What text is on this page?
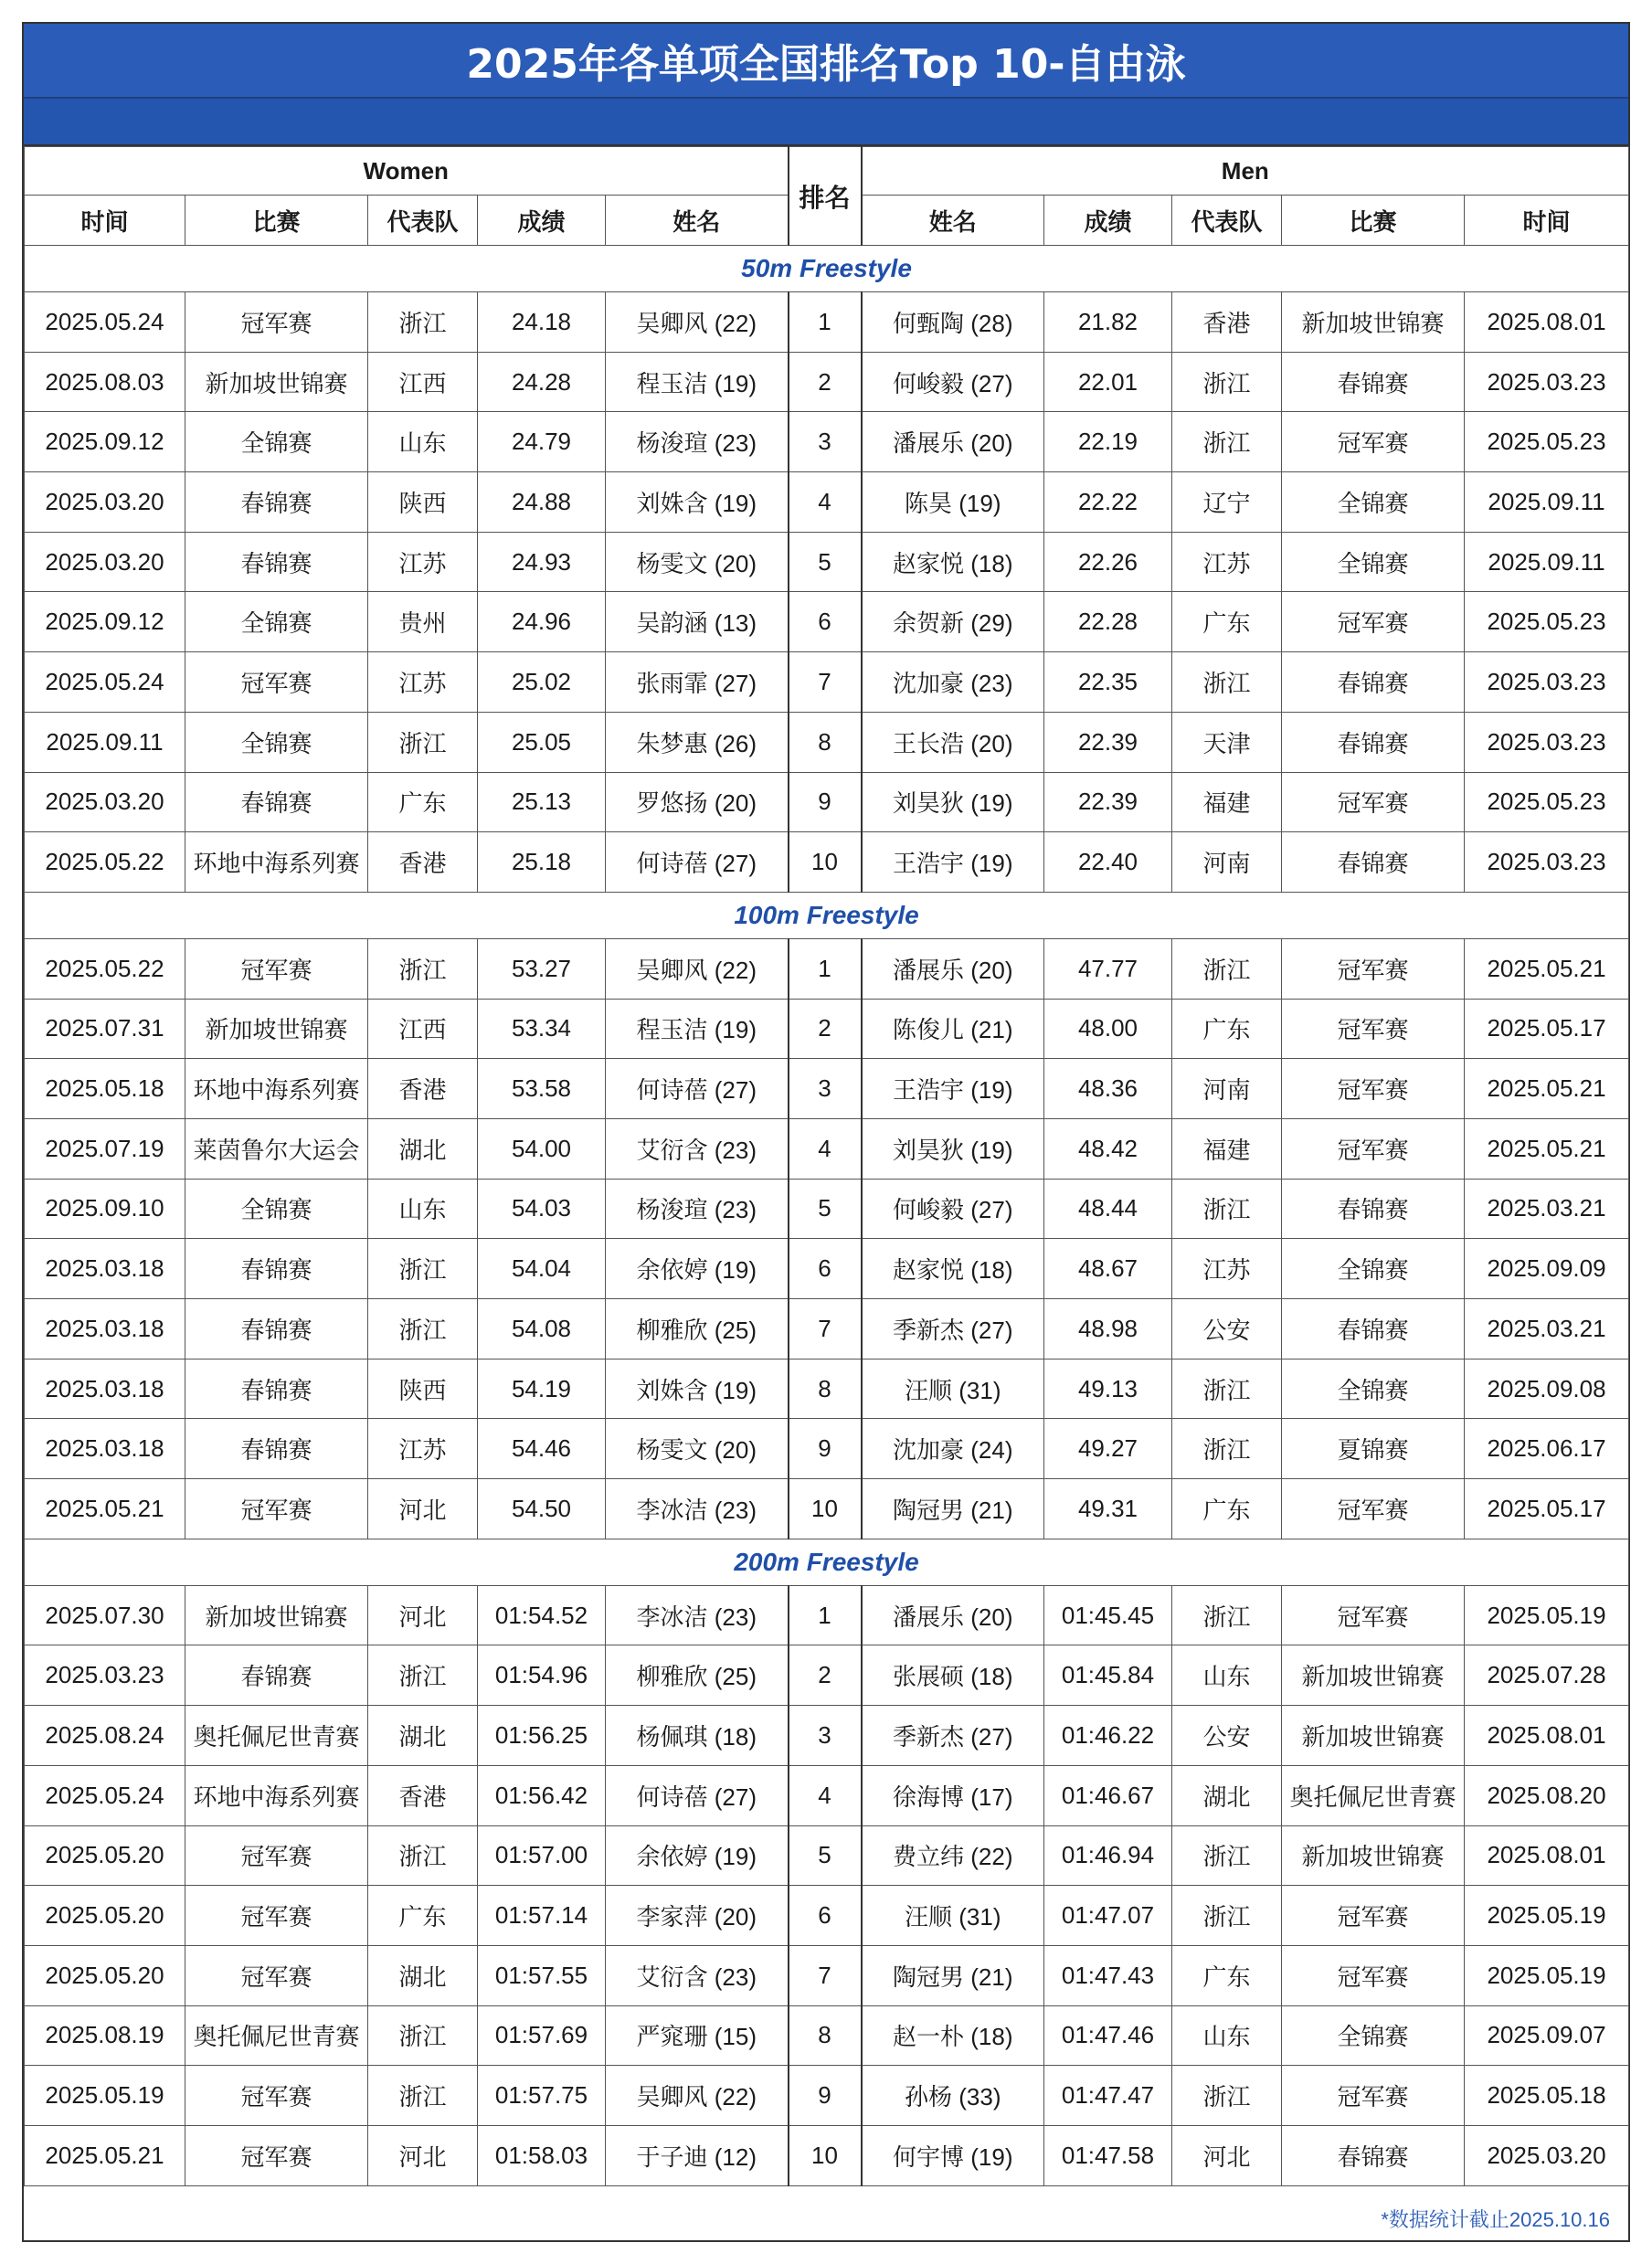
2025年各单项全国排名Top 10-自由泳
Women					排名	Men				
时间	比赛	代表队	成绩	姓名		姓名	成绩	代表队	比赛	时间
50m Freestyle										
2025.05.24	冠军赛	浙江	24.18	吴卿风 (22)	1	何甄陶 (28)	21.82	香港	新加坡世锦赛	2025.08.01
2025.08.03	新加坡世锦赛	江西	24.28	程玉洁 (19)	2	何峻毅 (27)	22.01	浙江	春锦赛	2025.03.23
2025.09.12	全锦赛	山东	24.79	杨浚瑄 (23)	3	潘展乐 (20)	22.19	浙江	冠军赛	2025.05.23
2025.03.20	春锦赛	陕西	24.88	刘姝含 (19)	4	陈昊 (19)	22.22	辽宁	全锦赛	2025.09.11
2025.03.20	春锦赛	江苏	24.93	杨雯文 (20)	5	赵家悦 (18)	22.26	江苏	全锦赛	2025.09.11
2025.09.12	全锦赛	贵州	24.96	吴韵涵 (13)	6	余贺新 (29)	22.28	广东	冠军赛	2025.05.23
2025.05.24	冠军赛	江苏	25.02	张雨霏 (27)	7	沈加豪 (23)	22.35	浙江	春锦赛	2025.03.23
2025.09.11	全锦赛	浙江	25.05	朱梦惠 (26)	8	王长浩 (20)	22.39	天津	春锦赛	2025.03.23
2025.03.20	春锦赛	广东	25.13	罗悠扬 (20)	9	刘昊狄 (19)	22.39	福建	冠军赛	2025.05.23
2025.05.22	环地中海系列赛	香港	25.18	何诗蓓 (27)	10	王浩宇 (19)	22.40	河南	春锦赛	2025.03.23
100m Freestyle										
2025.05.22	冠军赛	浙江	53.27	吴卿风 (22)	1	潘展乐 (20)	47.77	浙江	冠军赛	2025.05.21
2025.07.31	新加坡世锦赛	江西	53.34	程玉洁 (19)	2	陈俊儿 (21)	48.00	广东	冠军赛	2025.05.17
2025.05.18	环地中海系列赛	香港	53.58	何诗蓓 (27)	3	王浩宇 (19)	48.36	河南	冠军赛	2025.05.21
2025.07.19	莱茵鲁尔大运会	湖北	54.00	艾衍含 (23)	4	刘昊狄 (19)	48.42	福建	冠军赛	2025.05.21
2025.09.10	全锦赛	山东	54.03	杨浚瑄 (23)	5	何峻毅 (27)	48.44	浙江	春锦赛	2025.03.21
2025.03.18	春锦赛	浙江	54.04	余依婷 (19)	6	赵家悦 (18)	48.67	江苏	全锦赛	2025.09.09
2025.03.18	春锦赛	浙江	54.08	柳雅欣 (25)	7	季新杰 (27)	48.98	公安	春锦赛	2025.03.21
2025.03.18	春锦赛	陕西	54.19	刘姝含 (19)	8	汪顺 (31)	49.13	浙江	全锦赛	2025.09.08
2025.03.18	春锦赛	江苏	54.46	杨雯文 (20)	9	沈加豪 (24)	49.27	浙江	夏锦赛	2025.06.17
2025.05.21	冠军赛	河北	54.50	李冰洁 (23)	10	陶冠男 (21)	49.31	广东	冠军赛	2025.05.17
200m Freestyle										
2025.07.30	新加坡世锦赛	河北	01:54.52	李冰洁 (23)	1	潘展乐 (20)	01:45.45	浙江	冠军赛	2025.05.19
2025.03.23	春锦赛	浙江	01:54.96	柳雅欣 (25)	2	张展硕 (18)	01:45.84	山东	新加坡世锦赛	2025.07.28
2025.08.24	奥托佩尼世青赛	湖北	01:56.25	杨佩琪 (18)	3	季新杰 (27)	01:46.22	公安	新加坡世锦赛	2025.08.01
2025.05.24	环地中海系列赛	香港	01:56.42	何诗蓓 (27)	4	徐海博 (17)	01:46.67	湖北	奥托佩尼世青赛	2025.08.20
2025.05.20	冠军赛	浙江	01:57.00	余依婷 (19)	5	费立纬 (22)	01:46.94	浙江	新加坡世锦赛	2025.08.01
2025.05.20	冠军赛	广东	01:57.14	李家萍 (20)	6	汪顺 (31)	01:47.07	浙江	冠军赛	2025.05.19
2025.05.20	冠军赛	湖北	01:57.55	艾衍含 (23)	7	陶冠男 (21)	01:47.43	广东	冠军赛	2025.05.19
2025.08.19	奥托佩尼世青赛	浙江	01:57.69	严窕珊 (15)	8	赵一朴 (18)	01:47.46	山东	全锦赛	2025.09.07
2025.05.19	冠军赛	浙江	01:57.75	吴卿风 (22)	9	孙杨 (33)	01:47.47	浙江	冠军赛	2025.05.18
2025.05.21	冠军赛	河北	01:58.03	于子迪 (12)	10	何宇博 (19)	01:47.58	河北	春锦赛	2025.03.20
*数据统计截止2025.10.16
